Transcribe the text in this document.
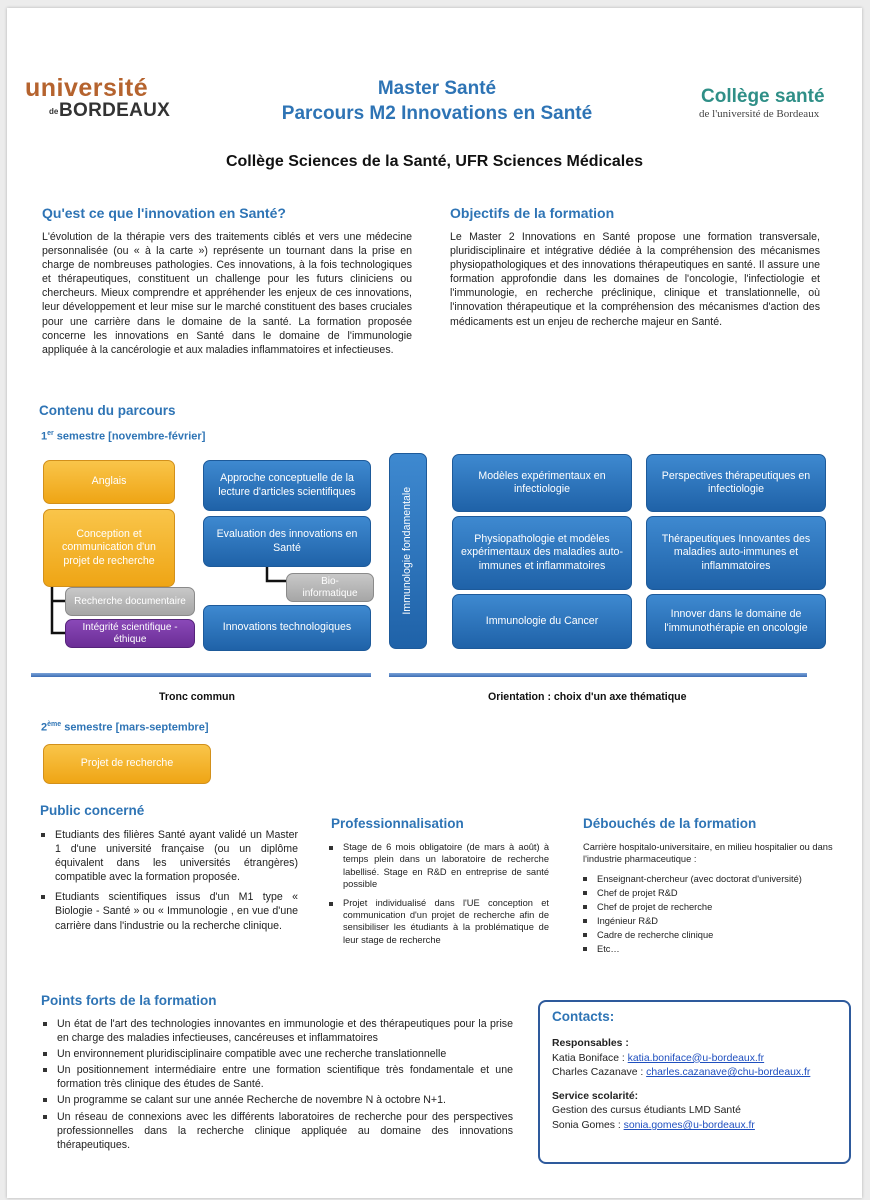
université
de BORDEAUX
Master Santé
Parcours M2 Innovations en Santé
Collège santé
de l'université de Bordeaux
Collège Sciences de la Santé, UFR Sciences Médicales
Qu'est ce que l'innovation en Santé?
L'évolution de la thérapie vers des traitements ciblés et vers une médecine personnalisée (ou « à la carte ») représente un tournant dans la prise en charge de nombreuses pathologies. Ces innovations, à la fois technologiques et thérapeutiques, constituent un challenge pour les futurs cliniciens ou chercheurs. Mieux comprendre et appréhender les enjeux de ces innovations, leur développement et leur mise sur le marché constituent des bases cruciales pour une carrière dans le domaine de la santé. La formation proposée concerne les innovations en Santé dans le domaine de l'immunologie appliquée à la cancérologie et aux maladies inflammatoires et infectieuses.
Objectifs de la formation
Le Master 2 Innovations en Santé propose une formation transversale, pluridisciplinaire et intégrative dédiée à la compréhension des mécanismes physiopathologiques et des innovations thérapeutiques en santé. Il assure une formation approfondie dans les domaines de l'oncologie, l'infectiologie et l'immunologie, en recherche préclinique, clinique et translationnelle, où l'innovation thérapeutique et la compréhension des mécanismes d'action des médicaments est un enjeu de recherche majeur en Santé.
Contenu du parcours
1er semestre [novembre-février]
Anglais
Conception et communication d'un projet de recherche
Recherche documentaire
Intégrité scientifique - éthique
Approche conceptuelle de la lecture d'articles scientifiques
Evaluation des innovations en Santé
Bio-informatique
Innovations technologiques
Immunologie fondamentale
Modèles expérimentaux en infectiologie
Physiopathologie et modèles expérimentaux des maladies auto-immunes et inflammatoires
Immunologie du Cancer
Perspectives thérapeutiques en infectiologie
Thérapeutiques Innovantes des maladies auto-immunes et inflammatoires
Innover dans le domaine de l'immunothérapie en oncologie
Tronc commun	Orientation : choix d'un axe thématique
2ème semestre [mars-septembre]
Projet de recherche
Public concerné
Etudiants des filières Santé ayant validé un Master 1 d'une université française (ou un diplôme équivalent dans les universités étrangères) compatible avec la formation proposée.
Etudiants scientifiques issus d'un M1 type « Biologie - Santé » ou « Immunologie , en vue d'une carrière dans l'industrie ou la recherche clinique.
Professionnalisation
Stage de 6 mois obligatoire (de mars à août) à temps plein dans un laboratoire de recherche labellisé. Stage en R&D en entreprise de santé possible
Projet individualisé dans l'UE conception et communication d'un projet de recherche afin de sensibiliser les étudiants à la problématique de leur stage de recherche
Débouchés de la formation
Carrière hospitalo-universitaire, en milieu hospitalier ou dans l'industrie pharmaceutique :
Enseignant-chercheur (avec doctorat d'université)
Chef de projet R&D
Chef de projet de recherche
Ingénieur R&D
Cadre de recherche clinique
Etc…
Points forts de la formation
Un état de l'art des technologies innovantes en immunologie et des thérapeutiques pour la prise en charge des maladies infectieuses, cancéreuses et inflammatoires
Un environnement pluridisciplinaire compatible avec une recherche translationnelle
Un positionnement intermédiaire entre une formation scientifique très fondamentale et une formation très clinique des études de Santé.
Un programme se calant sur une année Recherche de novembre N à octobre N+1.
Un réseau de connexions avec les différents laboratoires de recherche pour des perspectives professionnelles dans la recherche clinique appliquée au domaine des innovations thérapeutiques.
Contacts:
Responsables :
Katia Boniface : katia.boniface@u-bordeaux.fr
Charles Cazanave : charles.cazanave@chu-bordeaux.fr
Service scolarité:
Gestion des cursus étudiants LMD Santé
Sonia Gomes : sonia.gomes@u-bordeaux.fr
